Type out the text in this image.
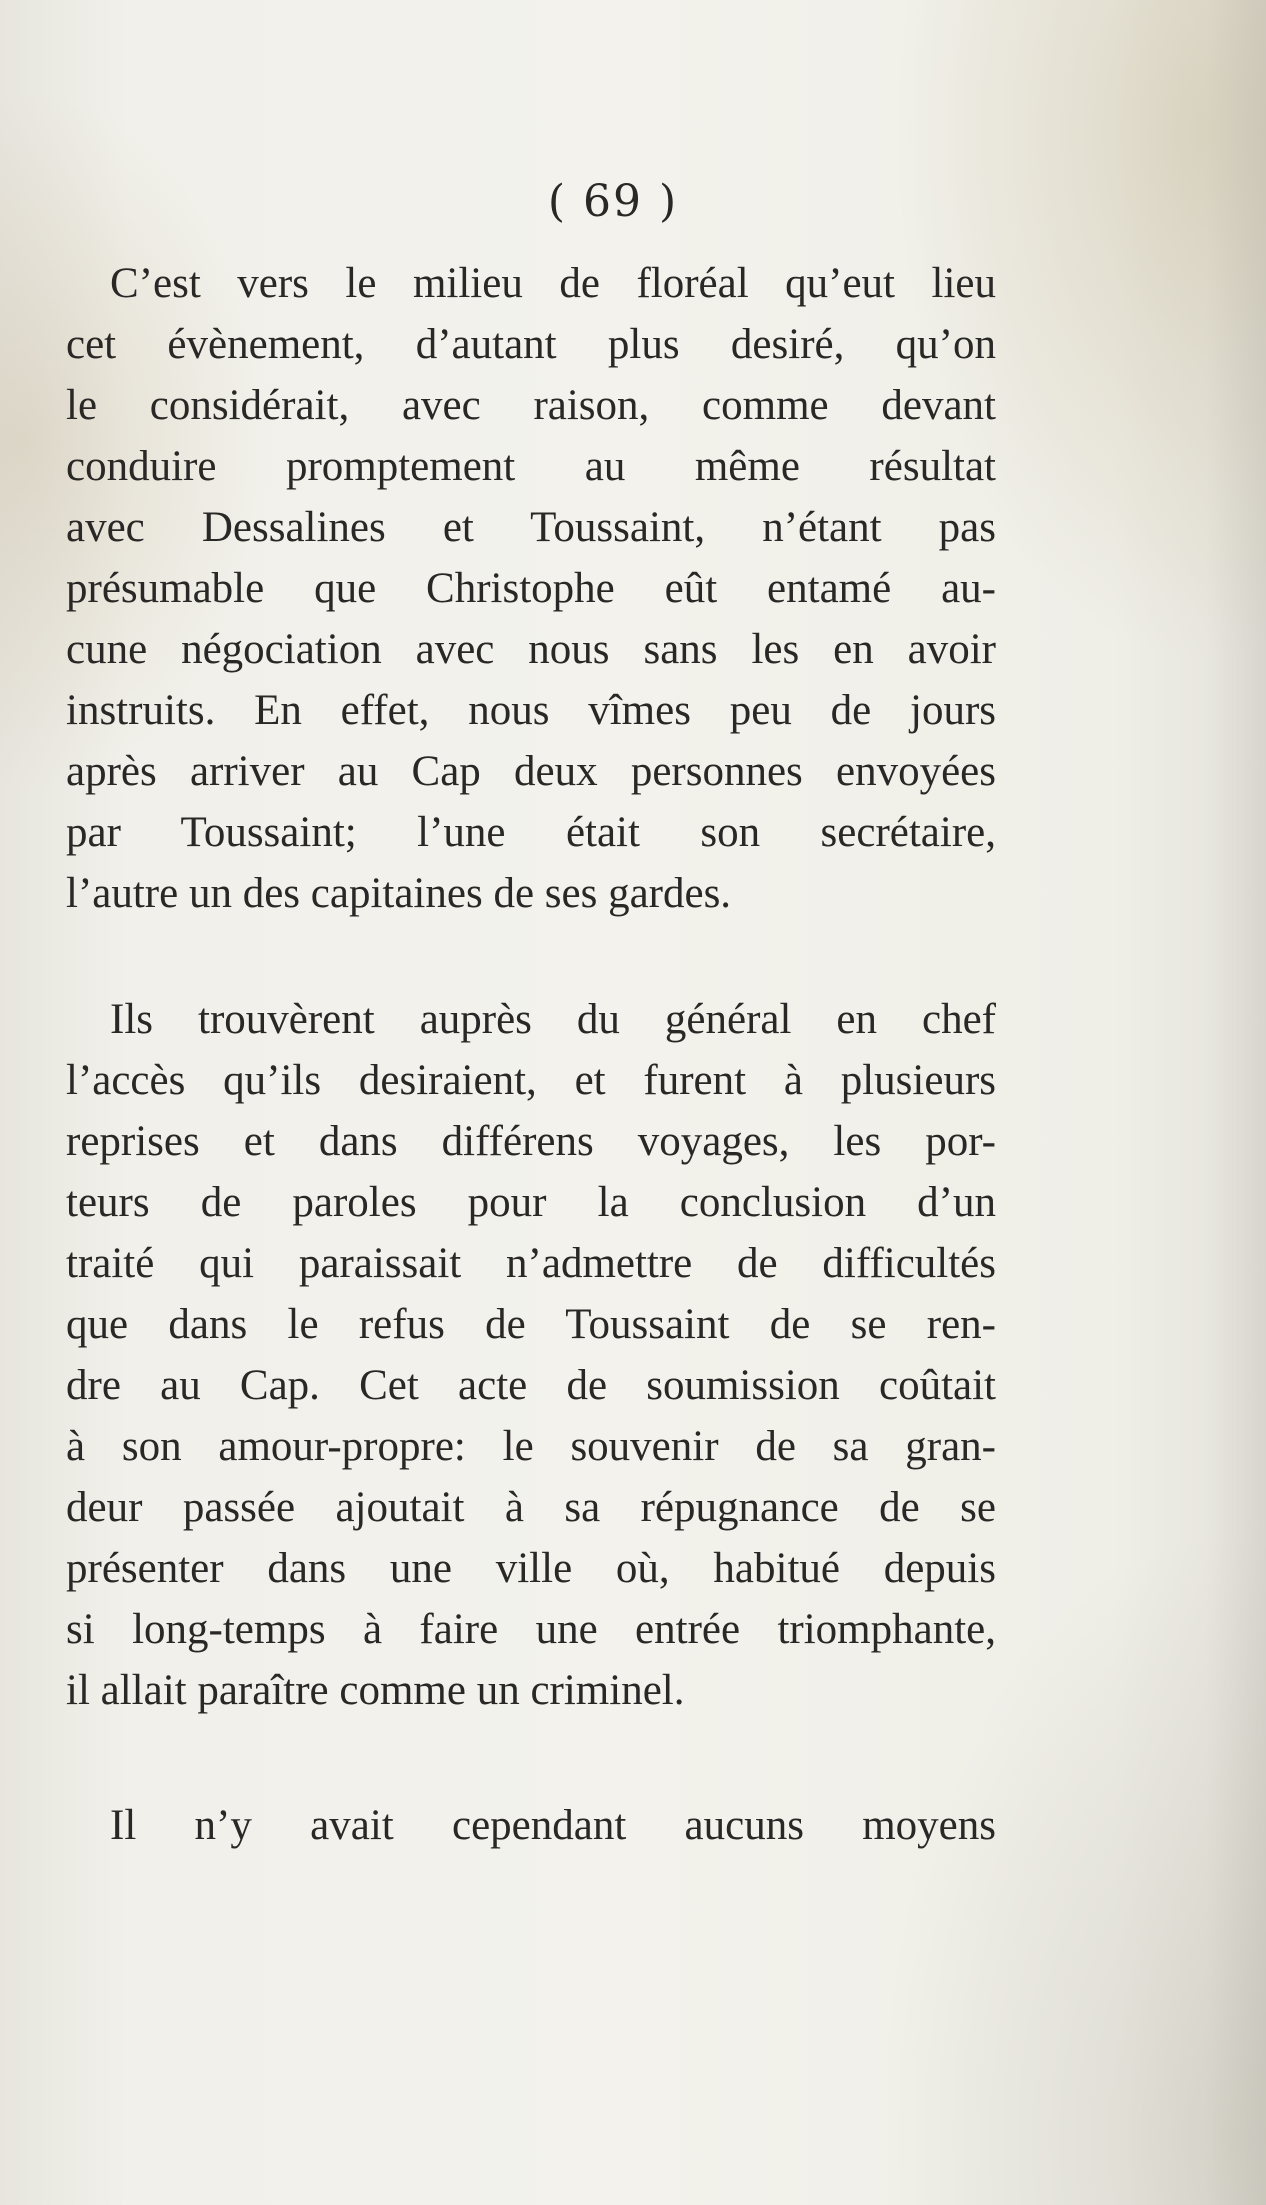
( 69 )
C’est vers le milieu de floréal qu’eut lieu
cet évènement, d’autant plus desiré, qu’on
le considérait, avec raison, comme devant
conduire promptement au même résultat
avec Dessalines et Toussaint, n’étant pas
présumable que Christophe eût entamé au-
cune négociation avec nous sans les en avoir
instruits. En effet, nous vîmes peu de jours
après arriver au Cap deux personnes envoyées
par Toussaint; l’une était son secrétaire,
l’autre un des capitaines de ses gardes.
Ils trouvèrent auprès du général en chef
l’accès qu’ils desiraient, et furent à plusieurs
reprises et dans différens voyages, les por-
teurs de paroles pour la conclusion d’un
traité qui paraissait n’admettre de difficultés
que dans le refus de Toussaint de se ren-
dre au Cap. Cet acte de soumission coûtait
à son amour-propre: le souvenir de sa gran-
deur passée ajoutait à sa répugnance de se
présenter dans une ville où, habitué depuis
si long-temps à faire une entrée triomphante,
il allait paraître comme un criminel.
Il n’y avait cependant aucuns moyens
